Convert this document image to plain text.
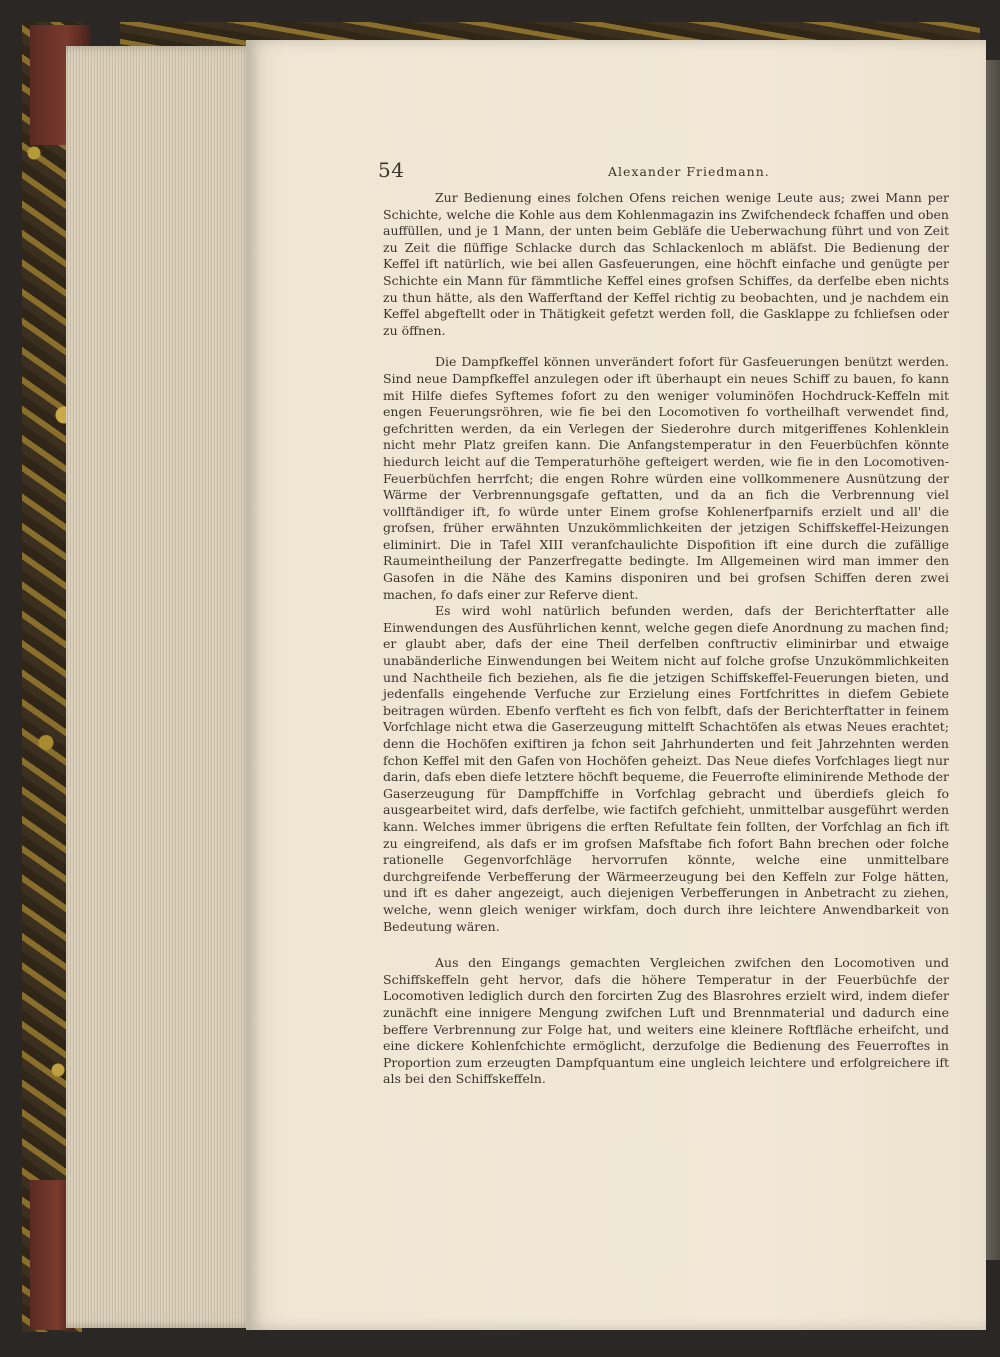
54	Alexander Friedmann.

Zur Bedienung eines folchen Ofens reichen wenige Leute aus; zwei Mann per Schichte, welche die Kohle aus dem Kohlenmagazin ins Zwifchendeck fchaffen und oben auffüllen, und je 1 Mann, der unten beim Gebläfe die Ueberwachung führt und von Zeit zu Zeit die flüffige Schlacke durch das Schlackenloch m abläfst. Die Bedienung der Keffel ift natürlich, wie bei allen Gasfeuerungen, eine höchft einfache und genügte per Schichte ein Mann für fämmtliche Keffel eines grofsen Schiffes, da derfelbe eben nichts zu thun hätte, als den Wafferftand der Keffel richtig zu beobachten, und je nachdem ein Keffel abgeftellt oder in Thätigkeit gefetzt werden foll, die Gasklappe zu fchliefsen oder zu öffnen.

Die Dampfkeffel können unverändert fofort für Gasfeuerungen benützt werden. Sind neue Dampfkeffel anzulegen oder ift überhaupt ein neues Schiff zu bauen, fo kann mit Hilfe diefes Syftemes fofort zu den weniger voluminöfen Hochdruck-Keffeln mit engen Feuerungsröhren, wie fie bei den Locomotiven fo vortheilhaft verwendet find, gefchritten werden, da ein Verlegen der Siederohre durch mitgeriffenes Kohlenklein nicht mehr Platz greifen kann. Die Anfangstemperatur in den Feuerbüchfen könnte hiedurch leicht auf die Temperaturhöhe gefteigert werden, wie fie in den Locomotiven-Feuerbüchfen herrfcht; die engen Rohre würden eine vollkommenere Ausnützung der Wärme der Verbrennungsgafe geftatten, und da an fich die Verbrennung viel vollftändiger ift, fo würde unter Einem grofse Kohlenerfparnifs erzielt und all' die grofsen, früher erwähnten Unzukömmlichkeiten der jetzigen Schiffskeffel-Heizungen eliminirt. Die in Tafel XIII veranfchaulichte Dispofition ift eine durch die zufällige Raumeintheilung der Panzerfregatte bedingte. Im Allgemeinen wird man immer den Gasofen in die Nähe des Kamins disponiren und bei grofsen Schiffen deren zwei machen, fo dafs einer zur Referve dient.

Es wird wohl natürlich befunden werden, dafs der Berichterftatter alle Einwendungen des Ausführlichen kennt, welche gegen diefe Anordnung zu machen find; er glaubt aber, dafs der eine Theil derfelben conftructiv eliminirbar und etwaige unabänderliche Einwendungen bei Weitem nicht auf folche grofse Unzukömmlichkeiten und Nachtheile fich beziehen, als fie die jetzigen Schiffskeffel-Feuerungen bieten, und jedenfalls eingehende Verfuche zur Erzielung eines Fortfchrittes in diefem Gebiete beitragen würden. Ebenfo verfteht es fich von felbft, dafs der Berichterftatter in feinem Vorfchlage nicht etwa die Gaserzeugung mittelft Schachtöfen als etwas Neues erachtet; denn die Hochöfen exiftiren ja fchon seit Jahrhunderten und feit Jahrzehnten werden fchon Keffel mit den Gafen von Hochöfen geheizt. Das Neue diefes Vorfchlages liegt nur darin, dafs eben diefe letztere höchft bequeme, die Feuerrofte eliminirende Methode der Gaserzeugung für Dampffchiffe in Vorfchlag gebracht und überdiefs gleich fo ausgearbeitet wird, dafs derfelbe, wie factifch gefchieht, unmittelbar ausgeführt werden kann. Welches immer übrigens die erften Refultate fein follten, der Vorfchlag an fich ift zu eingreifend, als dafs er im grofsen Mafsftabe fich fofort Bahn brechen oder folche rationelle Gegenvorfchläge hervorrufen könnte, welche eine unmittelbare durchgreifende Verbefferung der Wärmeerzeugung bei den Keffeln zur Folge hätten, und ift es daher angezeigt, auch diejenigen Verbefferungen in Anbetracht zu ziehen, welche, wenn gleich weniger wirkfam, doch durch ihre leichtere Anwendbarkeit von Bedeutung wären.

Aus den Eingangs gemachten Vergleichen zwifchen den Locomotiven und Schiffskeffeln geht hervor, dafs die höhere Temperatur in der Feuerbüchfe der Locomotiven lediglich durch den forcirten Zug des Blasrohres erzielt wird, indem diefer zunächft eine innigere Mengung zwifchen Luft und Brennmaterial und dadurch eine beffere Verbrennung zur Folge hat, und weiters eine kleinere Roftfläche erheifcht, und eine dickere Kohlenfchichte ermöglicht, derzufolge die Bedienung des Feuerroftes in Proportion zum erzeugten Dampfquantum eine ungleich leichtere und erfolgreichere ift als bei den Schiffskeffeln.
